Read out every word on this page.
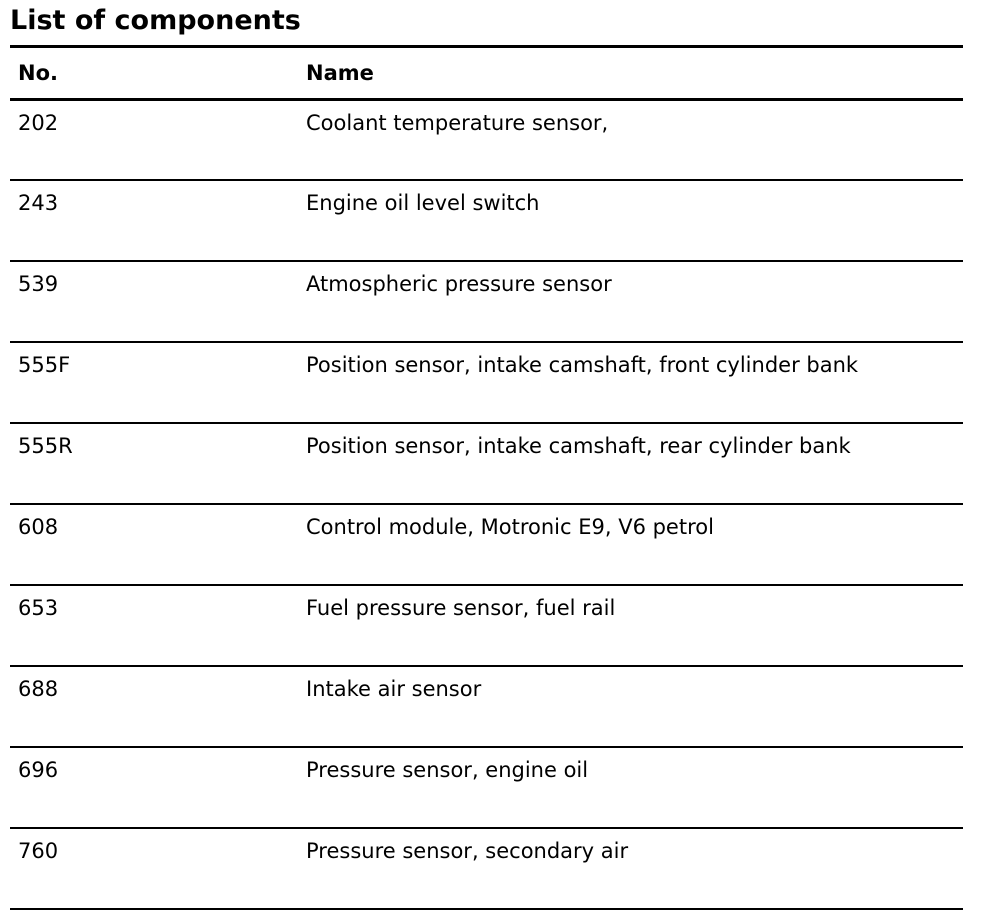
List of components
No.	Name
202	Coolant temperature sensor,
243	Engine oil level switch
539	Atmospheric pressure sensor
555F	Position sensor, intake camshaft, front cylinder bank
555R	Position sensor, intake camshaft, rear cylinder bank
608	Control module, Motronic E9, V6 petrol
653	Fuel pressure sensor, fuel rail
688	Intake air sensor
696	Pressure sensor, engine oil
760	Pressure sensor, secondary air
